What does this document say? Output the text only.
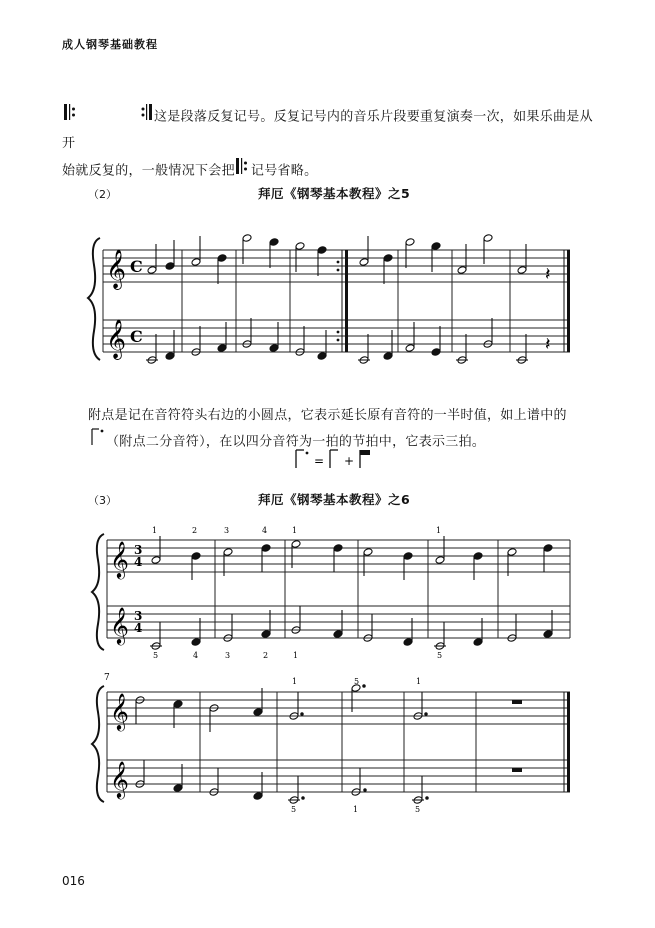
成人钢琴基础教程
这是段落反复记号。反复记号内的音乐片段要重复演奏一次，如果乐曲是从开
始就反复的，一般情况下会把 记号省略。
（2）	拜厄《钢琴基本教程》之5
𝄞
𝄞
C
C
𝄽
𝄽
附点是记在音符符头右边的小圆点，它表示延长原有音符的一半时值，如上谱中的（附点二分音符），在以四分音符为一拍的节拍中，它表示三拍。
= +
（3）	拜厄《钢琴基本教程》之6
𝄞
𝄞
3
4
3
4
1	2	3	4	1	1
5	4	3	2	1	5
7
𝄞
𝄞
1	5	1
5	1	5
016
